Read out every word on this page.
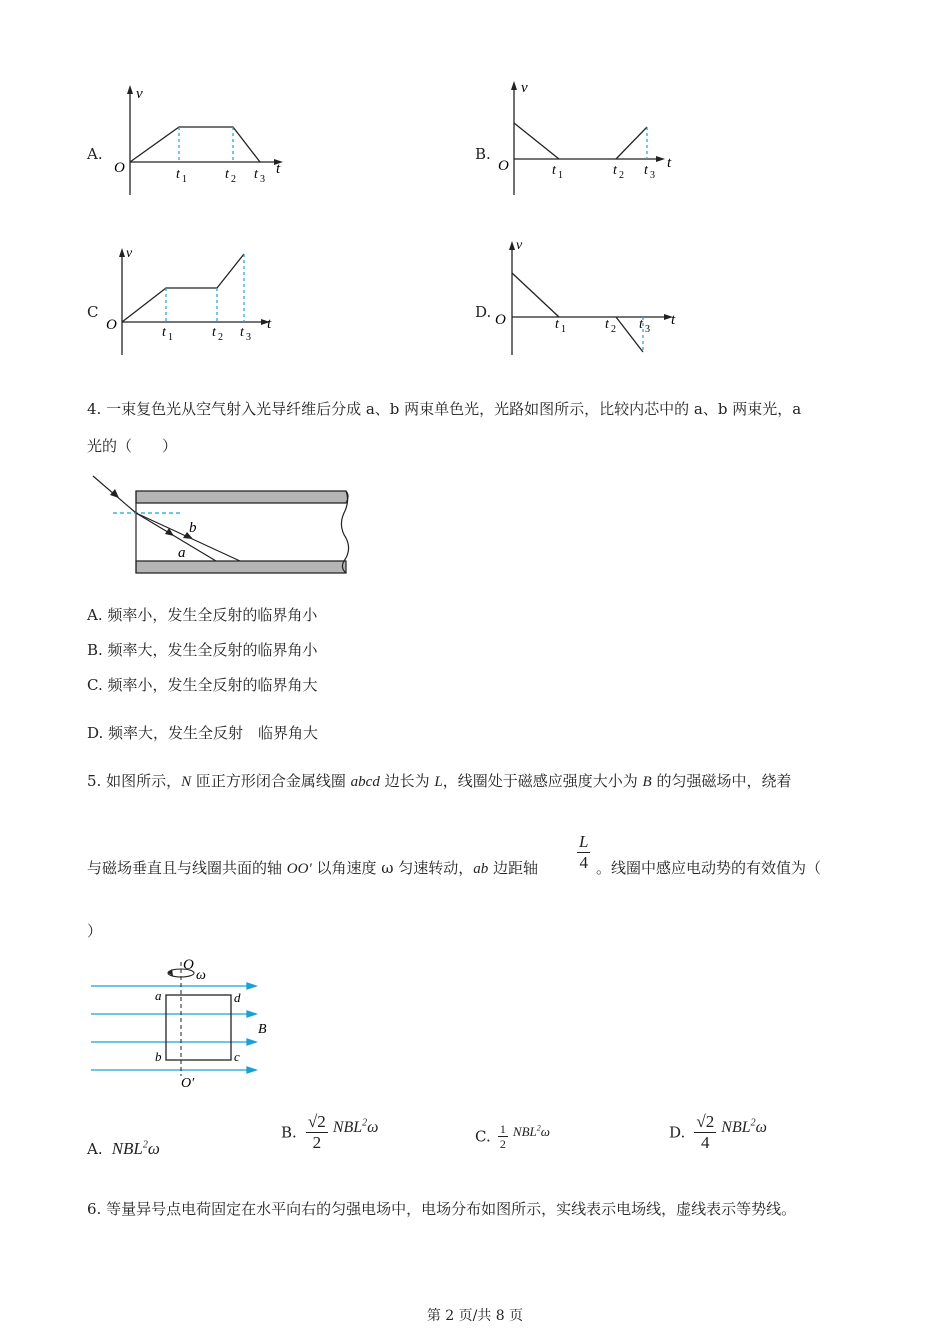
A.
v
t
O	t 1	t 2 t 3
B.
v
t
O	t 1	t 2 t 3
C
v
t
O	t 1	t 2 t 3
D.
v
t
O	t 1	t 2 t 3
4. 一束复色光从空气射入光导纤维后分成 a、b 两束单色光，光路如图所示，比较内芯中的 a、b 两束光，a
光的（　　）
b
a
A. 频率小，发生全反射的临界角小
B. 频率大，发生全反射的临界角小
C. 频率小，发生全反射的临界角大
D. 频率大，发生全反射　临界角大
5. 如图所示，N 匝正方形闭合金属线圈 abcd 边长为 L，线圈处于磁感应强度大小为 B 的匀强磁场中，绕着
与磁场垂直且与线圈共面的轴 OO′ 以角速度 ω 匀速转动，ab 边距轴 $\frac{L}{4}$ 。线圈中感应电动势的有效值为（
）
O
ω
a	d
b	c
B
O′
A. NBL$^2$ω
B. $\frac{√2}{2} NBL^2\omega$	C. $\frac{1}{2} ^{NBL^2\omega}$	D. $\frac{√2}{4} NBL^2\omega$
6. 等量异号点电荷固定在水平向右的匀强电场中，电场分布如图所示，实线表示电场线，虚线表示等势线。
第 2 页/共 8 页
